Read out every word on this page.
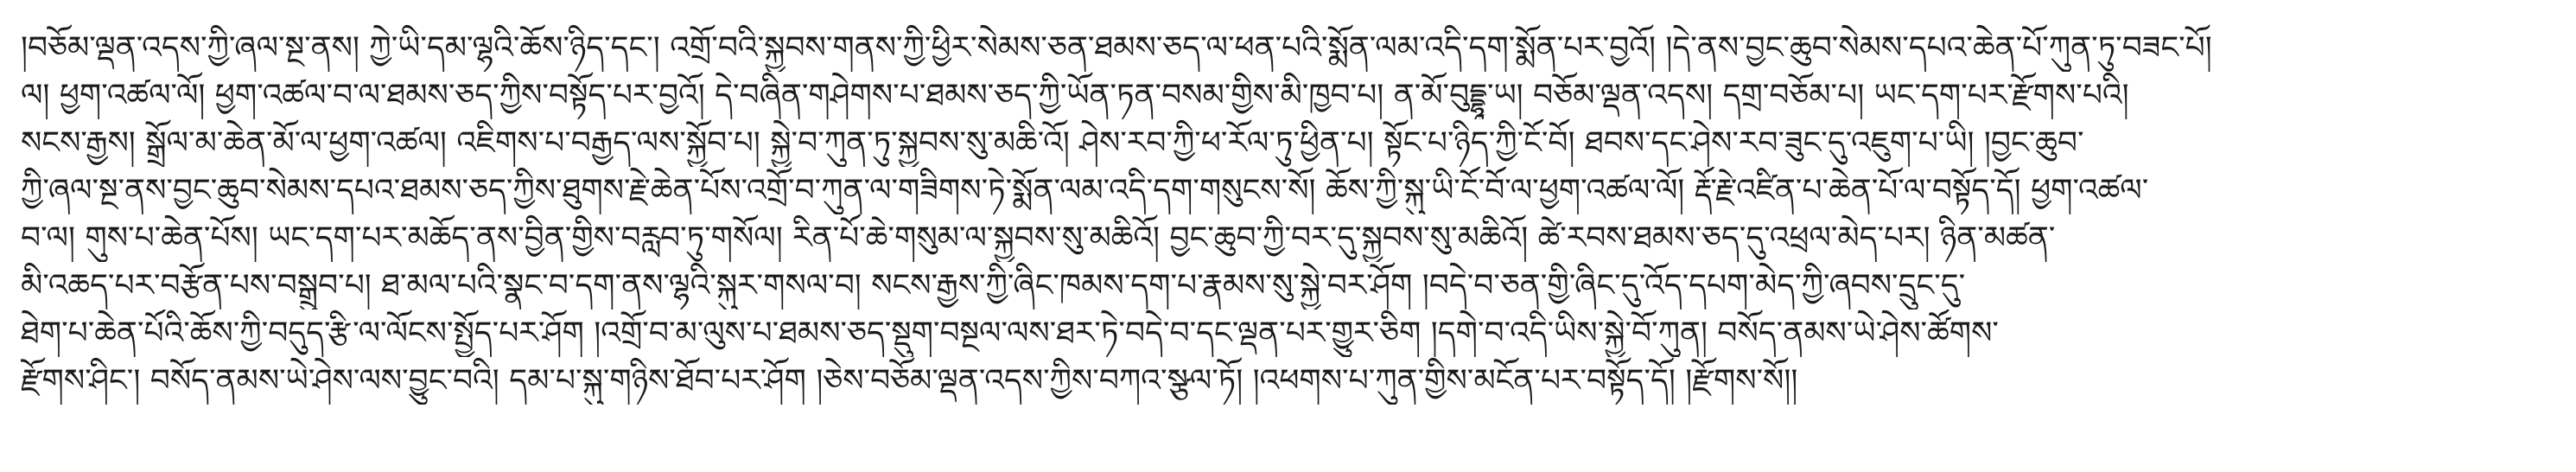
།བཅོམ་ལྡན་འདས་ཀྱི་ཞལ་སྔ་ནས། ཀྱེ་ཡི་དམ་ལྷའི་ཆོས་ཉིད་དང་། འགྲོ་བའི་སྐྱབས་གནས་ཀྱི་ཕྱིར་སེམས་ཅན་ཐམས་ཅད་ལ་ཕན་པའི་སྨོན་ལམ་འདི་དག་སྨོན་པར་བྱའོ། །དེ་ནས་བྱང་ཆུབ་སེམས་དཔའ་ཆེན་པོ་ཀུན་ཏུ་བཟང་པོ།
ལ། ཕྱག་འཚལ་ལོ། ཕྱག་འཚལ་བ་ལ་ཐམས་ཅད་ཀྱིས་བསྟོད་པར་བྱའོ། དེ་བཞིན་གཤེགས་པ་ཐམས་ཅད་ཀྱི་ཡོན་ཏན་བསམ་གྱིས་མི་ཁྱབ་པ། ན་མོ་བུདྡྷཱ་ཡ། བཅོམ་ལྡན་འདས། དགྲ་བཅོམ་པ། ཡང་དག་པར་རྫོགས་པའི།
སངས་རྒྱས། སྒྲོལ་མ་ཆེན་མོ་ལ་ཕྱག་འཚལ། འཇིགས་པ་བརྒྱད་ལས་སྐྱོབ་པ། སྐྱེ་བ་ཀུན་ཏུ་སྐྱབས་སུ་མཆི་འོ། ཤེས་རབ་ཀྱི་ཕ་རོལ་ཏུ་ཕྱིན་པ། སྟོང་པ་ཉིད་ཀྱི་ངོ་བོ། ཐབས་དང་ཤེས་རབ་ཟུང་དུ་འཇུག་པ་ཡི། །བྱང་ཆུབ་
ཀྱི་ཞལ་སྔ་ནས་བྱང་ཆུབ་སེམས་དཔའ་ཐམས་ཅད་ཀྱིས་ཐུགས་རྗེ་ཆེན་པོས་འགྲོ་བ་ཀུན་ལ་གཟིགས་ཏེ་སྨོན་ལམ་འདི་དག་གསུངས་སོ། ཆོས་ཀྱི་སྐུ་ཡི་ངོ་བོ་ལ་ཕྱག་འཚལ་ལོ། རྡོ་རྗེ་འཛིན་པ་ཆེན་པོ་ལ་བསྟོད་དོ། ཕྱག་འཚལ་
བ་ལ། གུས་པ་ཆེན་པོས། ཡང་དག་པར་མཆོད་ནས་བྱིན་གྱིས་བརླབ་ཏུ་གསོལ། རིན་པོ་ཆེ་གསུམ་ལ་སྐྱབས་སུ་མཆིའོ། བྱང་ཆུབ་ཀྱི་བར་དུ་སྐྱབས་སུ་མཆིའོ། ཚེ་རབས་ཐམས་ཅད་དུ་འཕྲལ་མེད་པར། ཉིན་མཚན་
མི་འཆད་པར་བརྩོན་པས་བསྒྲུབ་པ། ཐ་མལ་པའི་སྣང་བ་དག་ནས་ལྷའི་སྐུར་གསལ་བ། སངས་རྒྱས་ཀྱི་ཞིང་ཁམས་དག་པ་རྣམས་སུ་སྐྱེ་བར་ཤོག །བདེ་བ་ཅན་གྱི་ཞིང་དུ་འོད་དཔག་མེད་ཀྱི་ཞབས་དྲུང་དུ་
ཐེག་པ་ཆེན་པོའི་ཆོས་ཀྱི་བདུད་རྩི་ལ་ལོངས་སྤྱོད་པར་ཤོག །འགྲོ་བ་མ་ལུས་པ་ཐམས་ཅད་སྡུག་བསྔལ་ལས་ཐར་ཏེ་བདེ་བ་དང་ལྡན་པར་གྱུར་ཅིག །དགེ་བ་འདི་ཡིས་སྐྱེ་བོ་ཀུན། བསོད་ནམས་ཡེ་ཤེས་ཚོགས་
རྫོགས་ཤིང་། བསོད་ནམས་ཡེ་ཤེས་ལས་བྱུང་བའི། དམ་པ་སྐུ་གཉིས་ཐོབ་པར་ཤོག །ཅེས་བཅོམ་ལྡན་འདས་ཀྱིས་བཀའ་སྩལ་ཏོ། །འཕགས་པ་ཀུན་གྱིས་མངོན་པར་བསྟོད་དོ། །རྫོགས་སོ།།
